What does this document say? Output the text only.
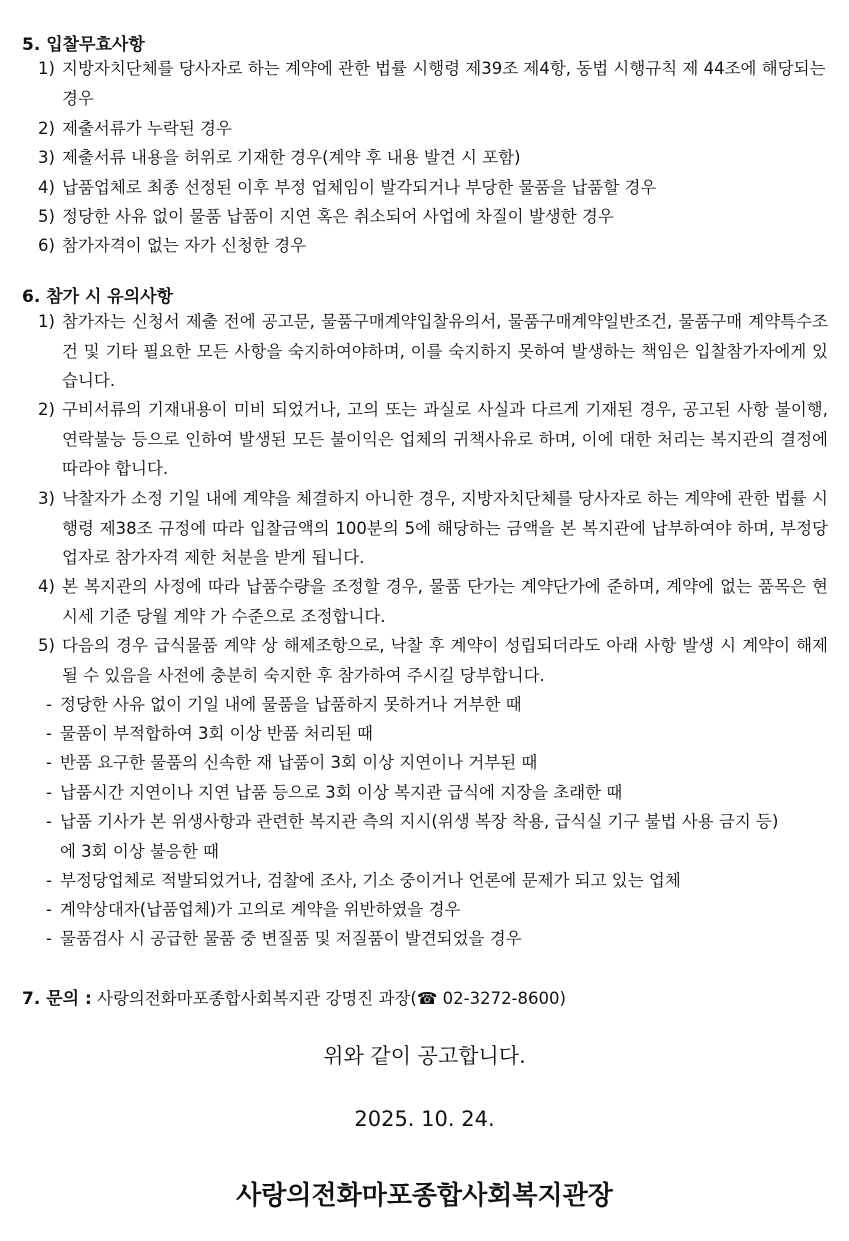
5. 입찰무효사항
1) 지방자치단체를 당사자로 하는 계약에 관한 법률 시행령 제39조 제4항, 동법 시행규칙 제 44조에 해당되는 경우
2) 제출서류가 누락된 경우
3) 제출서류 내용을 허위로 기재한 경우(계약 후 내용 발견 시 포함)
4) 납품업체로 최종 선정된 이후 부정 업체임이 발각되거나 부당한 물품을 납품할 경우
5) 정당한 사유 없이 물품 납품이 지연 혹은 취소되어 사업에 차질이 발생한 경우
6) 참가자격이 없는 자가 신청한 경우
6. 참가 시 유의사항
1) 참가자는 신청서 제출 전에 공고문, 물품구매계약입찰유의서, 물품구매계약일반조건, 물품구매 계약특수조건 및 기타 필요한 모든 사항을 숙지하여야하며, 이를 숙지하지 못하여 발생하는 책임은 입찰참가자에게 있습니다.
2) 구비서류의 기재내용이 미비 되었거나, 고의 또는 과실로 사실과 다르게 기재된 경우, 공고된 사항 불이행, 연락불능 등으로 인하여 발생된 모든 불이익은 업체의 귀책사유로 하며, 이에 대한 처리는 복지관의 결정에 따라야 합니다.
3) 낙찰자가 소정 기일 내에 계약을 체결하지 아니한 경우, 지방자치단체를 당사자로 하는 계약에 관한 법률 시행령 제38조 규정에 따라 입찰금액의 100분의 5에 해당하는 금액을 본 복지관에 납부하여야 하며, 부정당업자로 참가자격 제한 처분을 받게 됩니다.
4) 본 복지관의 사정에 따라 납품수량을 조정할 경우, 물품 단가는 계약단가에 준하며, 계약에 없는 품목은 현 시세 기준 당월 계약 가 수준으로 조정합니다.
5) 다음의 경우 급식물품 계약 상 해제조항으로, 낙찰 후 계약이 성립되더라도 아래 사항 발생 시 계약이 해제될 수 있음을 사전에 충분히 숙지한 후 참가하여 주시길 당부합니다.
- 정당한 사유 없이 기일 내에 물품을 납품하지 못하거나 거부한 때
- 물품이 부적합하여 3회 이상 반품 처리된 때
- 반품 요구한 물품의 신속한 재 납품이 3회 이상 지연이나 거부된 때
- 납품시간 지연이나 지연 납품 등으로 3회 이상 복지관 급식에 지장을 초래한 때
- 납품 기사가 본 위생사항과 관련한 복지관 측의 지시(위생 복장 착용, 급식실 기구 불법 사용 금지 등)에 3회 이상 불응한 때
- 부정당업체로 적발되었거나, 검찰에 조사, 기소 중이거나 언론에 문제가 되고 있는 업체
- 계약상대자(납품업체)가 고의로 계약을 위반하였을 경우
- 물품검사 시 공급한 물품 중 변질품 및 저질품이 발견되었을 경우
7. 문의 : 사랑의전화마포종합사회복지관 강명진 과장(☎ 02-3272-8600)
위와 같이 공고합니다.
2025. 10. 24.
사랑의전화마포종합사회복지관장
